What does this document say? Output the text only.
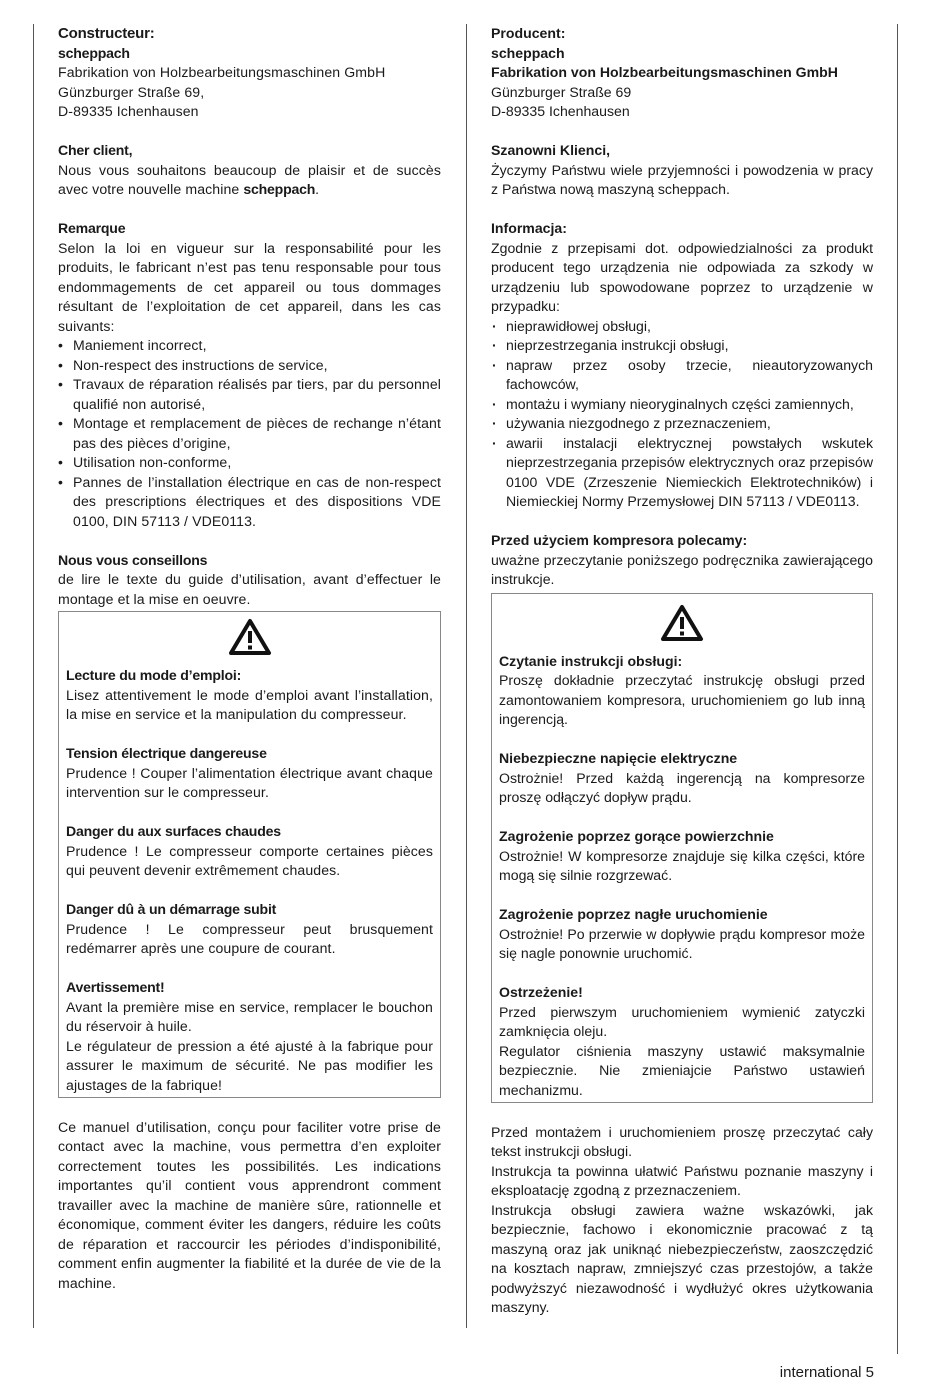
Constructeur:

scheppach

Fabrikation von Holzbearbeitungsmaschinen GmbH

Günzburger Straße 69,

D-89335 Ichenhausen

Cher client,

Nous vous souhaitons beaucoup de plaisir et de succès avec votre nouvelle machine scheppach.

Remarque

Selon la loi en vigueur sur la responsabilité pour les produits, le fabricant n’est pas tenu responsable pour tous endommagements de cet appareil ou tous dommages résultant de l’exploitation de cet appareil, dans les cas suivants:

• Maniement incorrect,
• Non-respect des instructions de service,
• Travaux de réparation réalisés par tiers, par du personnel qualifié non autorisé,
• Montage et remplacement de pièces de rechange n’étant pas des pièces d’origine,
• Utilisation non-conforme,
• Pannes de l’installation électrique en cas de non-respect des prescriptions électriques et des dispositions VDE 0100, DIN 57113 / VDE0113.

Nous vous conseillons

de lire le texte du guide d’utilisation, avant d’effectuer le montage et la mise en oeuvre.

Lecture du mode d’emploi:

Lisez attentivement le mode d’emploi avant l’installation, la mise en service et la manipulation du compresseur.

Tension électrique dangereuse

Prudence ! Couper l’alimentation électrique avant chaque intervention sur le compresseur.

Danger du aux surfaces chaudes

Prudence ! Le compresseur comporte certaines pièces qui peuvent devenir extrêmement chaudes.

Danger dû à un démarrage subit

Prudence ! Le compresseur peut brusquement redémarrer après une coupure de courant.

Avertissement!

Avant la première mise en service, remplacer le bouchon du réservoir à huile.

Le régulateur de pression a été ajusté à la fabrique pour assurer le maximum de sécurité. Ne pas modifier les ajustages de la fabrique!

Ce manuel d’utilisation, conçu pour faciliter votre prise de contact avec la machine, vous permettra d’en exploiter correctement toutes les possibilités. Les indications importantes qu’il contient vous apprendront comment travailler avec la machine de manière sûre, rationnelle et économique, comment éviter les dangers, réduire les coûts de réparation et raccourcir les périodes d’indisponibilité, comment enfin augmenter la fiabilité et la durée de vie de la machine.

Producent:

scheppach

Fabrikation von Holzbearbeitungsmaschinen GmbH

Günzburger Straße 69

D-89335 Ichenhausen

Szanowni Klienci,

Życzymy Państwu wiele przyjemności i powodzenia w pracy z Państwa nową maszyną scheppach.

Informacja:

Zgodnie z przepisami dot. odpowiedzialności za produkt producent tego urządzenia nie odpowiada za szkody w urządzeniu lub spowodowane poprzez to urządzenie w przypadku:

· nieprawidłowej obsługi,
· nieprzestrzegania instrukcji obsługi,
· napraw przez osoby trzecie, nieautoryzowanych fachowców,
· montażu i wymiany nieoryginalnych części zamiennych,
· używania niezgodnego z przeznaczeniem,
· awarii instalacji elektrycznej powstałych wskutek nieprzestrzegania przepisów elektrycznych oraz przepisów 0100 VDE (Zrzeszenie Niemieckich Elektrotechników) i Niemieckiej Normy Przemysłowej DIN 57113 / VDE0113.

Przed użyciem kompresora polecamy:

uważne przeczytanie poniższego podręcznika zawierającego instrukcje.

Czytanie instrukcji obsługi:

Proszę dokładnie przeczytać instrukcję obsługi przed zamontowaniem kompresora, uruchomieniem go lub inną ingerencją.

Niebezpieczne napięcie elektryczne

Ostrożnie! Przed każdą ingerencją na kompresorze proszę odłączyć dopływ prądu.

Zagrożenie poprzez gorące powierzchnie

Ostrożnie! W kompresorze znajduje się kilka części, które mogą się silnie rozgrzewać.

Zagrożenie poprzez nagłe uruchomienie

Ostrożnie! Po przerwie w dopływie prądu kompresor może się nagle ponownie uruchomić.

Ostrzeżenie!

Przed pierwszym uruchomieniem wymienić zatyczki zamknięcia oleju.

Regulator ciśnienia maszyny ustawić maksymalnie bezpiecznie. Nie zmieniajcie Państwo ustawień mechanizmu.

Przed montażem i uruchomieniem proszę przeczytać cały tekst instrukcji obsługi.

Instrukcja ta powinna ułatwić Państwu poznanie maszyny i eksploatację zgodną z przeznaczeniem.

Instrukcja obsługi zawiera ważne wskazówki, jak bezpiecznie, fachowo i ekonomicznie pracować z tą maszyną oraz jak uniknąć niebezpieczeństw, zaoszczędzić na kosztach napraw, zmniejszyć czas przestojów, a także podwyższyć niezawodność i wydłużyć okres użytkowania maszyny.

international 5
